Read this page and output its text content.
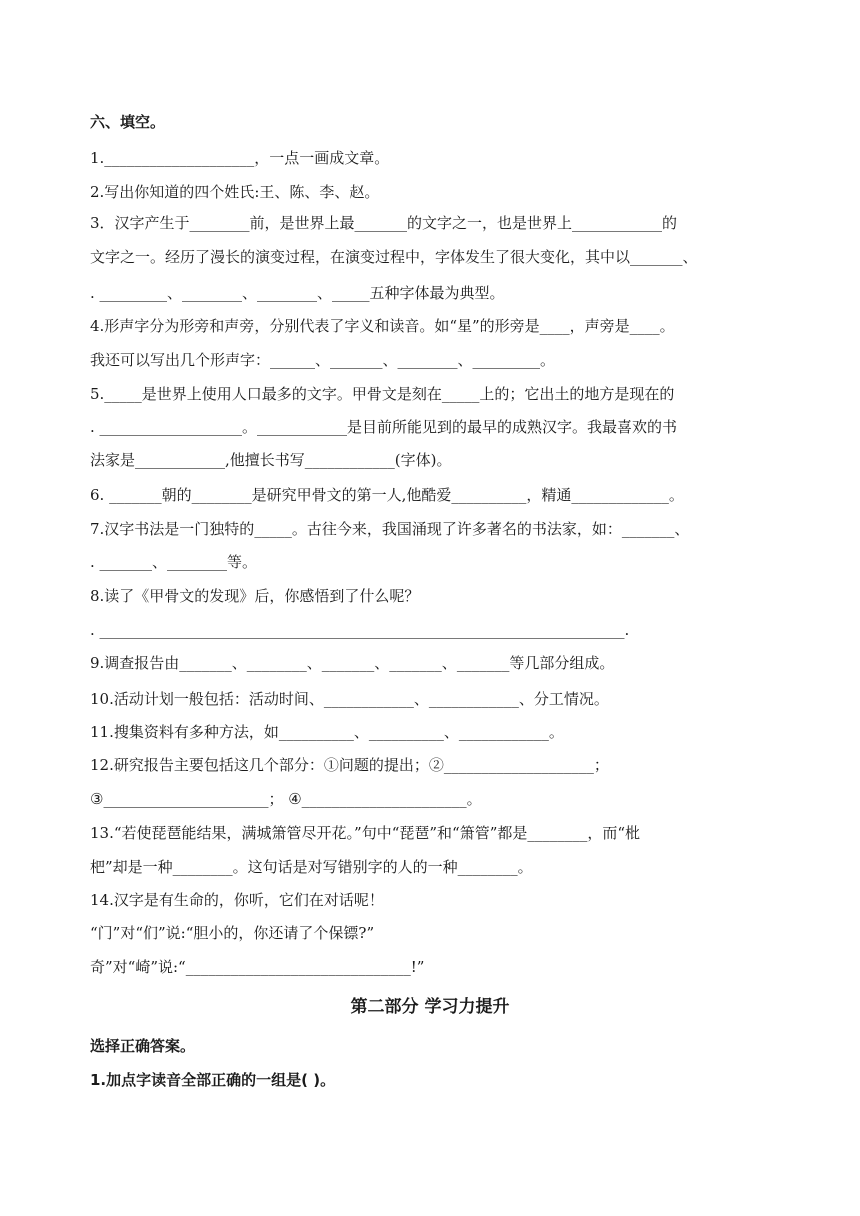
六、填空。
1.____________________，一点一画成文章。
2.写出你知道的四个姓氏:王、陈、李、赵。
3．汉字产生于________前，是世界上最_______的文字之一，也是世界上____________的
文字之一。经历了漫长的演变过程，在演变过程中，字体发生了很大变化，其中以_______、
. _________、________、________、_____五种字体最为典型。
4.形声字分为形旁和声旁，分别代表了字义和读音。如“星”的形旁是____，声旁是____。
我还可以写出几个形声字：______、_______、________、_________。
5._____是世界上使用人口最多的文字。甲骨文是刻在_____上的；它出土的地方是现在的
. ___________________。____________是目前所能见到的最早的成熟汉字。我最喜欢的书
法家是____________,他擅长书写____________(字体)。
6. _______朝的________是研究甲骨文的第一人,他酷爱__________，精通_____________。
7.汉字书法是一门独特的_____。古往今来，我国涌现了许多著名的书法家，如：_______、
. _______、________等。
8.读了《甲骨文的发现》后，你感悟到了什么呢？
. ______________________________________________________________________.
9.调查报告由_______、________、_______、_______、_______等几部分组成。
10.活动计划一般包括：活动时间、____________、____________、分工情况。
11.搜集资料有多种方法，如__________、__________、____________。
12.研究报告主要包括这几个部分：①问题的提出；②____________________；
③______________________； ④______________________。
13.“若使琵琶能结果，满城箫管尽开花。”句中“琵琶”和“箫管”都是________，而“枇
杷”却是一种________。这句话是对写错别字的人的一种________。
14.汉字是有生命的，你听，它们在对话呢！
“门”对“们”说:“胆小的，你还请了个保镖?”
奇”对“崎”说:“______________________________!”
第二部分 学习力提升
选择正确答案。
1.加点字读音全部正确的一组是( )。
